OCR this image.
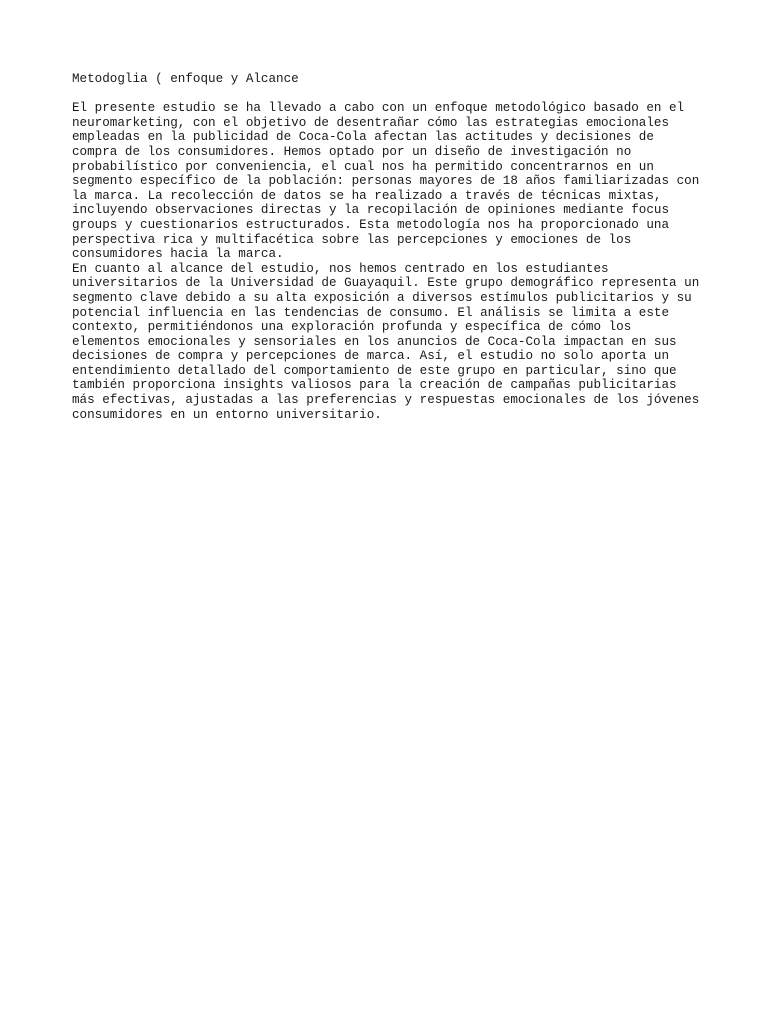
Metodoglia ( enfoque y Alcance

El presente estudio se ha llevado a cabo con un enfoque metodológico basado en el
neuromarketing, con el objetivo de desentrañar cómo las estrategias emocionales
empleadas en la publicidad de Coca-Cola afectan las actitudes y decisiones de
compra de los consumidores. Hemos optado por un diseño de investigación no
probabilístico por conveniencia, el cual nos ha permitido concentrarnos en un
segmento específico de la población: personas mayores de 18 años familiarizadas con
la marca. La recolección de datos se ha realizado a través de técnicas mixtas,
incluyendo observaciones directas y la recopilación de opiniones mediante focus
groups y cuestionarios estructurados. Esta metodología nos ha proporcionado una
perspectiva rica y multifacética sobre las percepciones y emociones de los
consumidores hacia la marca.

En cuanto al alcance del estudio, nos hemos centrado en los estudiantes
universitarios de la Universidad de Guayaquil. Este grupo demográfico representa un
segmento clave debido a su alta exposición a diversos estímulos publicitarios y su
potencial influencia en las tendencias de consumo. El análisis se limita a este
contexto, permitiéndonos una exploración profunda y específica de cómo los
elementos emocionales y sensoriales en los anuncios de Coca-Cola impactan en sus
decisiones de compra y percepciones de marca. Así, el estudio no solo aporta un
entendimiento detallado del comportamiento de este grupo en particular, sino que
también proporciona insights valiosos para la creación de campañas publicitarias
más efectivas, ajustadas a las preferencias y respuestas emocionales de los jóvenes
consumidores en un entorno universitario.
